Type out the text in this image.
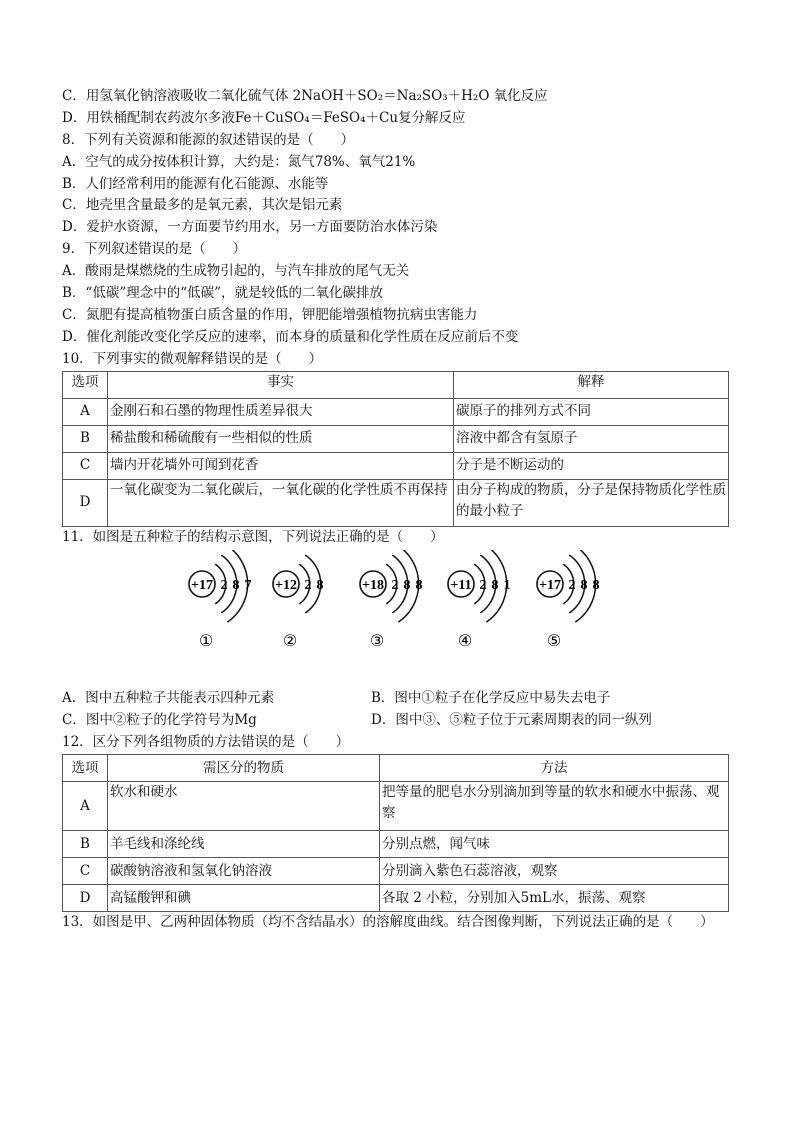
C．用氢氧化钠溶液吸收二氧化硫气体 2NaOH＋SO₂＝Na₂SO₃＋H₂O 氧化反应
D．用铁桶配制农药波尔多液Fe＋CuSO₄＝FeSO₄＋Cu复分解反应
8．下列有关资源和能源的叙述错误的是（　　）
A．空气的成分按体积计算，大约是：氮气78%、氧气21%
B．人们经常利用的能源有化石能源、水能等
C．地壳里含量最多的是氧元素，其次是铝元素
D．爱护水资源，一方面要节约用水，另一方面要防治水体污染
9．下列叙述错误的是（　　）
A．酸雨是煤燃烧的生成物引起的，与汽车排放的尾气无关
B．“低碳”理念中的“低碳”，就是较低的二氧化碳排放
C．氮肥有提高植物蛋白质含量的作用，钾肥能增强植物抗病虫害能力
D．催化剂能改变化学反应的速率，而本身的质量和化学性质在反应前后不变
10．下列事实的微观解释错误的是（　　）
选项	事实	解释
A	金刚石和石墨的物理性质差异很大	碳原子的排列方式不同
B	稀盐酸和稀硫酸有一些相似的性质	溶液中都含有氢原子
C	墙内开花墙外可闻到花香	分子是不断运动的
D	一氧化碳变为二氧化碳后，一氧化碳的化学性质不再保持	由分子构成的物质，分子是保持物质化学性质的最小粒子
11．如图是五种粒子的结构示意图，下列说法正确的是（　　）
+17 2 8 7
①
+12 2 8
②
+18 2 8 8
③
+11 2 8 1
④
+17 2 8 8
⑤
A．图中五种粒子共能表示四种元素	B．图中①粒子在化学反应中易失去电子
C．图中②粒子的化学符号为Mg	D．图中③、⑤粒子位于元素周期表的同一纵列
12．区分下列各组物质的方法错误的是（　　）
选项	需区分的物质	方法
A	软水和硬水	把等量的肥皂水分别滴加到等量的软水和硬水中振荡、观察
B	羊毛线和涤纶线	分别点燃，闻气味
C	碳酸钠溶液和氢氧化钠溶液	分别滴入紫色石蕊溶液，观察
D	高锰酸钾和碘	各取 2 小粒，分别加入5mL水，振荡、观察
13．如图是甲、乙两种固体物质（均不含结晶水）的溶解度曲线。结合图像判断，下列说法正确的是（　　）
